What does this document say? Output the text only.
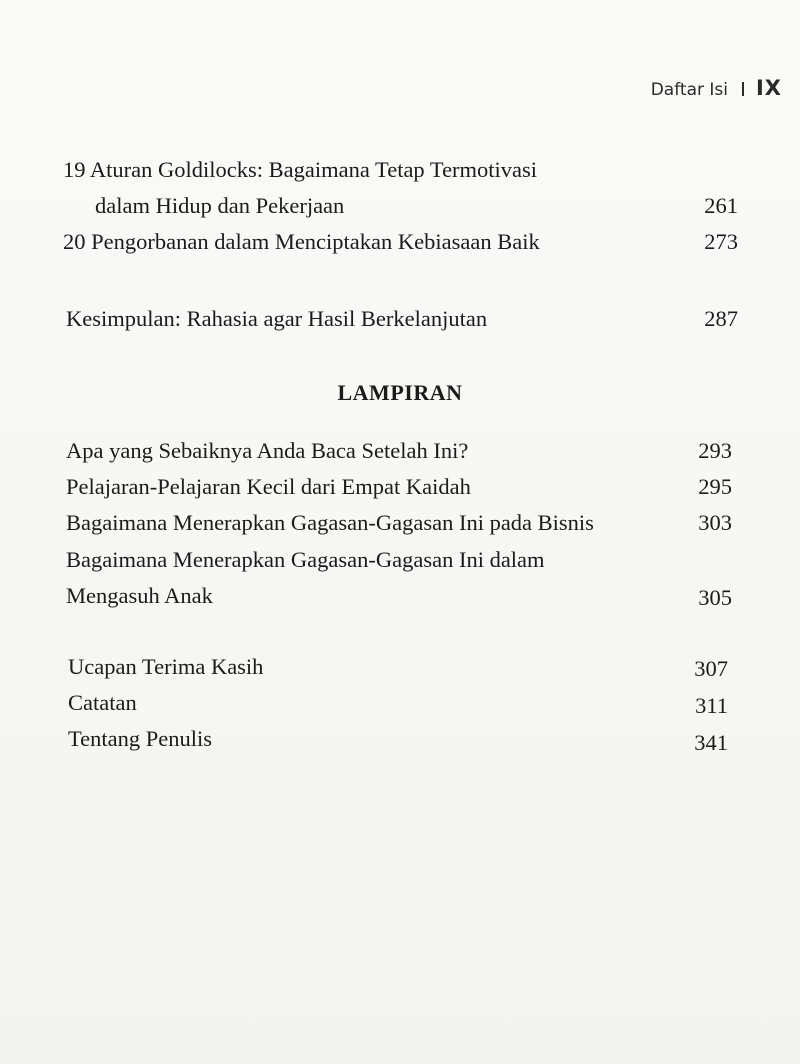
Daftar Isi IX
19 Aturan Goldilocks: Bagaimana Tetap Termotivasi
dalam Hidup dan Pekerjaan	261
20 Pengorbanan dalam Menciptakan Kebiasaan Baik	273
Kesimpulan: Rahasia agar Hasil Berkelanjutan	287
LAMPIRAN
Apa yang Sebaiknya Anda Baca Setelah Ini?	293
Pelajaran-Pelajaran Kecil dari Empat Kaidah	295
Bagaimana Menerapkan Gagasan-Gagasan Ini pada Bisnis	303
Bagaimana Menerapkan Gagasan-Gagasan Ini dalam
Mengasuh Anak	305
Ucapan Terima Kasih	307
Catatan	311
Tentang Penulis	341
